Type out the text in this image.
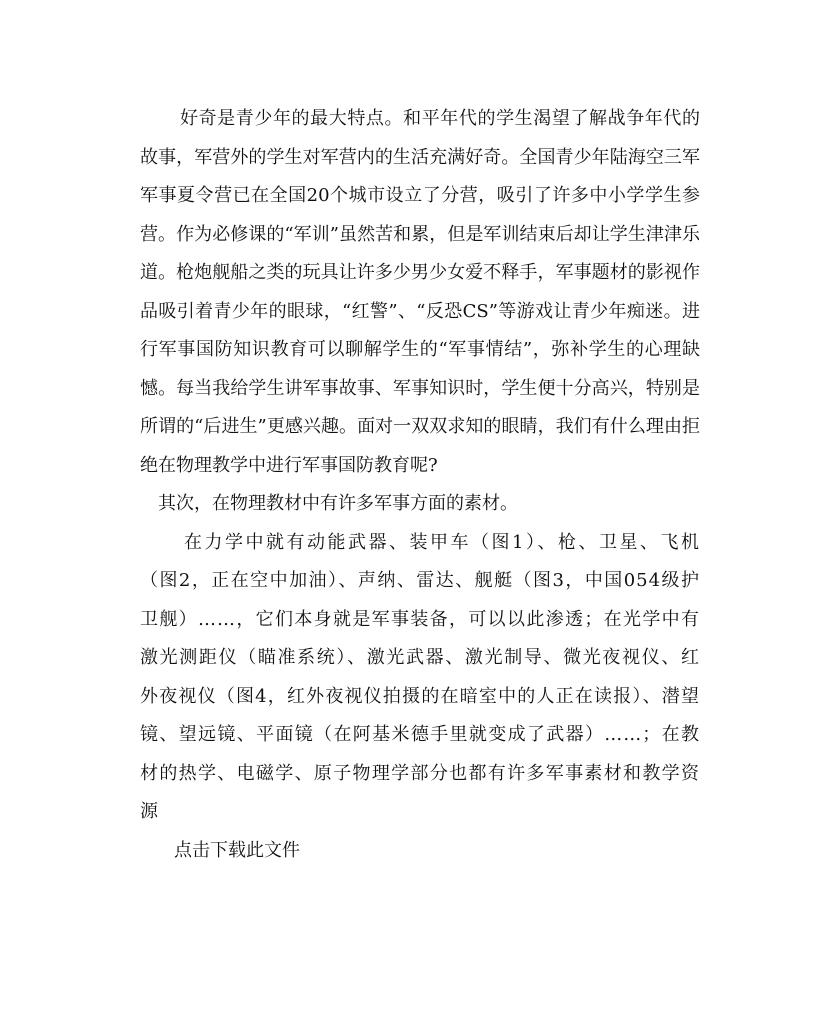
好奇是青少年的最大特点。和平年代的学生渴望了解战争年代的故事，军营外的学生对军营内的生活充满好奇。全国青少年陆海空三军军事夏令营已在全国20个城市设立了分营，吸引了许多中小学学生参营。作为必修课的“军训”虽然苦和累，但是军训结束后却让学生津津乐道。枪炮舰船之类的玩具让许多少男少女爱不释手，军事题材的影视作品吸引着青少年的眼球，“红警”、“反恐CS”等游戏让青少年痴迷。进行军事国防知识教育可以聊解学生的“军事情结”，弥补学生的心理缺憾。每当我给学生讲军事故事、军事知识时，学生便十分高兴，特别是所谓的“后进生”更感兴趣。面对一双双求知的眼睛，我们有什么理由拒绝在物理教学中进行军事国防教育呢?

其次，在物理教材中有许多军事方面的素材。

在力学中就有动能武器、装甲车（图1）、枪、卫星、飞机（图2，正在空中加油）、声纳、雷达、舰艇（图3，中国054级护卫舰）……，它们本身就是军事装备，可以以此渗透；在光学中有激光测距仪（瞄准系统）、激光武器、激光制导、微光夜视仪、红外夜视仪（图4，红外夜视仪拍摄的在暗室中的人正在读报）、潜望镜、望远镜、平面镜（在阿基米德手里就变成了武器）……；在教材的热学、电磁学、原子物理学部分也都有许多军事素材和教学资源

点击下载此文件
